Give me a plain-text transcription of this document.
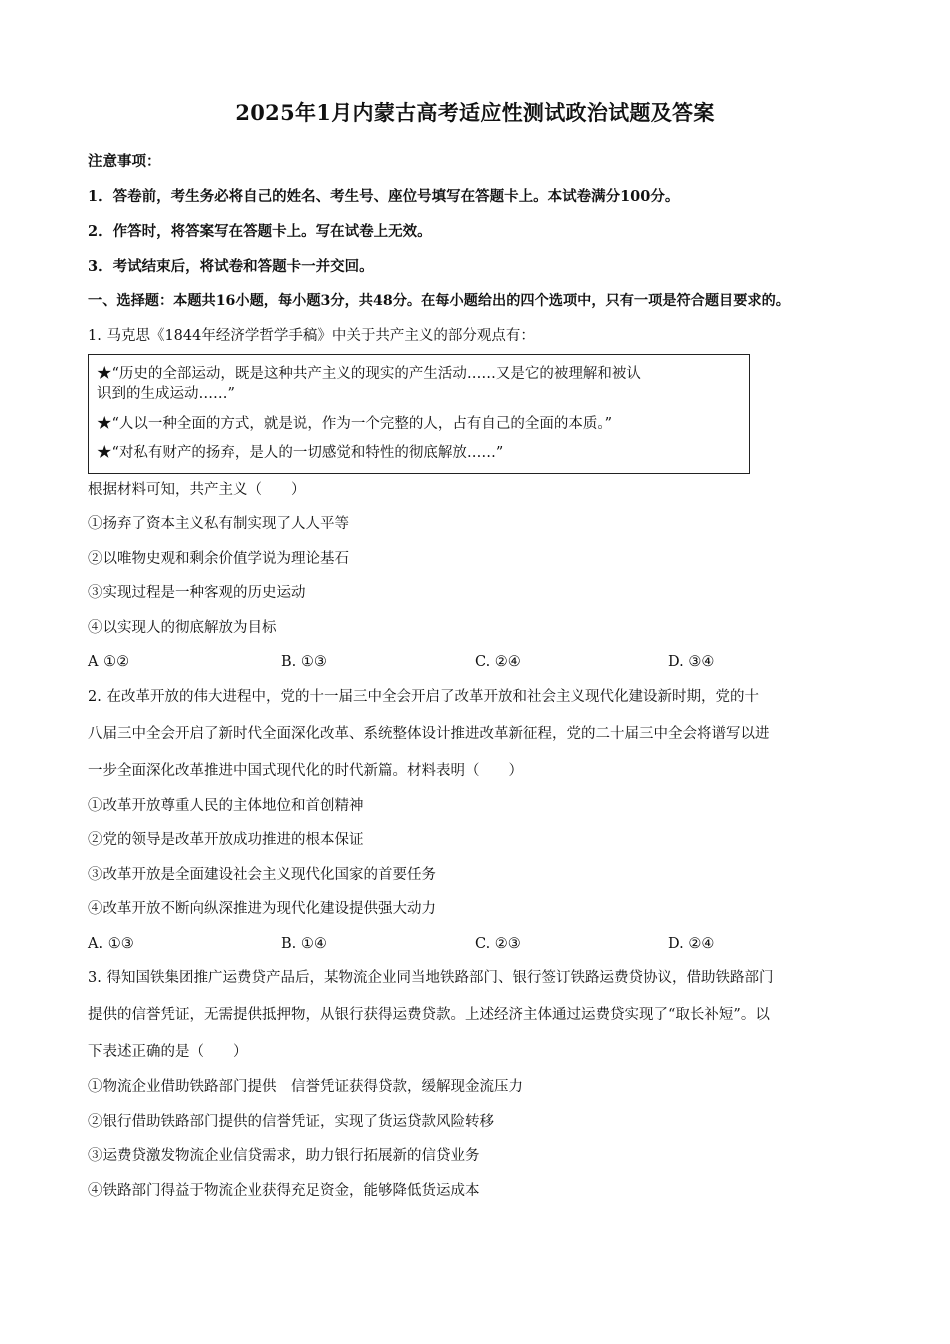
2025年1月内蒙古高考适应性测试政治试题及答案
注意事项：
1．答卷前，考生务必将自己的姓名、考生号、座位号填写在答题卡上。本试卷满分100分。
2．作答时，将答案写在答题卡上。写在试卷上无效。
3．考试结束后，将试卷和答题卡一并交回。
一、选择题：本题共16小题，每小题3分，共48分。在每小题给出的四个选项中，只有一项是符合题目要求的。
1. 马克思《1844年经济学哲学手稿》中关于共产主义的部分观点有：
★“历史的全部运动，既是这种共产主义的现实的产生活动……又是它的被理解和被认
识到的生成运动……”
★“人以一种全面的方式，就是说，作为一个完整的人，占有自己的全面的本质。”
★“对私有财产的扬弃，是人的一切感觉和特性的彻底解放……”
根据材料可知，共产主义（　　）
①扬弃了资本主义私有制实现了人人平等
②以唯物史观和剩余价值学说为理论基石
③实现过程是一种客观的历史运动
④以实现人的彻底解放为目标
A ①②	B. ①③	C. ②④	D. ③④
2. 在改革开放的伟大进程中，党的十一届三中全会开启了改革开放和社会主义现代化建设新时期，党的十
八届三中全会开启了新时代全面深化改革、系统整体设计推进改革新征程，党的二十届三中全会将谱写以进
一步全面深化改革推进中国式现代化的时代新篇。材料表明（　　）
①改革开放尊重人民的主体地位和首创精神
②党的领导是改革开放成功推进的根本保证
③改革开放是全面建设社会主义现代化国家的首要任务
④改革开放不断向纵深推进为现代化建设提供强大动力
A. ①③	B. ①④	C. ②③	D. ②④
3. 得知国铁集团推广运费贷产品后，某物流企业同当地铁路部门、银行签订铁路运费贷协议，借助铁路部门
提供的信誉凭证，无需提供抵押物，从银行获得运费贷款。上述经济主体通过运费贷实现了“取长补短”。以
下表述正确的是（　　）
①物流企业借助铁路部门提供　信誉凭证获得贷款，缓解现金流压力
②银行借助铁路部门提供的信誉凭证，实现了货运贷款风险转移
③运费贷激发物流企业信贷需求，助力银行拓展新的信贷业务
④铁路部门得益于物流企业获得充足资金，能够降低货运成本
